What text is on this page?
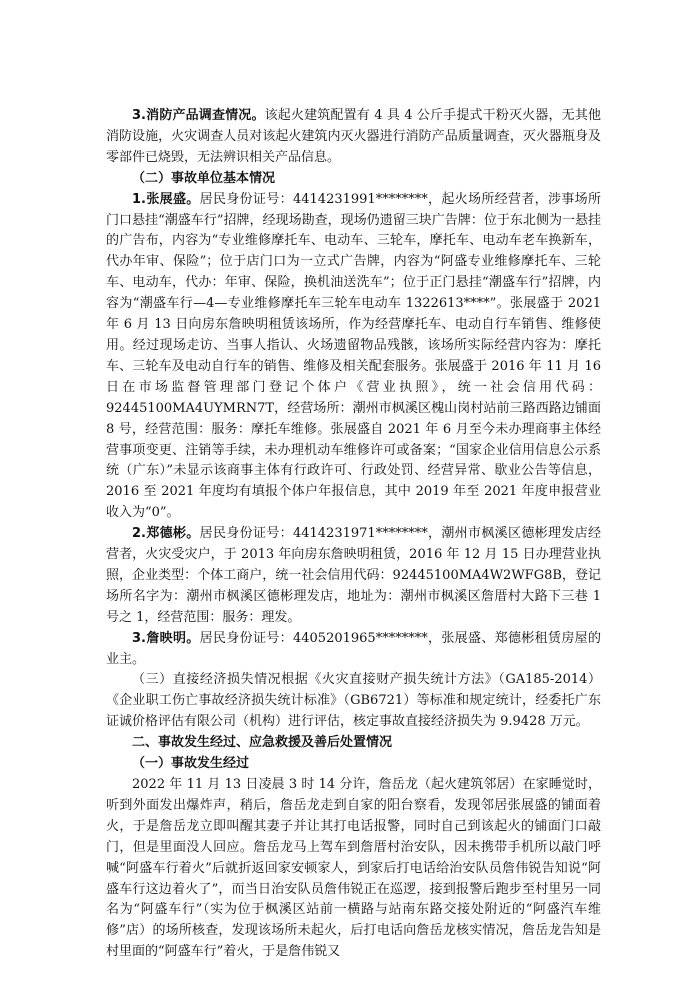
3.消防产品调查情况。该起火建筑配置有 4 具 4 公斤手提式干粉灭火器，无其他消防设施，火灾调查人员对该起火建筑内灭火器进行消防产品质量调查，灭火器瓶身及零部件已烧毁，无法辨识相关产品信息。

（二）事故单位基本情况

1.张展盛。居民身份证号：4414231991********，起火场所经营者，涉事场所门口悬挂“潮盛车行”招牌，经现场勘查，现场仍遗留三块广告牌：位于东北侧为一悬挂的广告布，内容为“专业维修摩托车、电动车、三轮车，摩托车、电动车老车换新车，代办年审、保险”；位于店门口为一立式广告牌，内容为“阿盛专业维修摩托车、三轮车、电动车，代办：年审、保险，换机油送洗车”；位于正门悬挂“潮盛车行”招牌，内容为“潮盛车行—4—专业维修摩托车三轮车电动车 1322613****”。张展盛于 2021 年 6 月 13 日向房东詹映明租赁该场所，作为经营摩托车、电动自行车销售、维修使用。经过现场走访、当事人指认、火场遗留物品残骸，该场所实际经营内容为：摩托车、三轮车及电动自行车的销售、维修及相关配套服务。张展盛于 2016 年 11 月 16 日在市场监督管理部门登记个体户《营业执照》，统一社会信用代码：92445100MA4UYMRN7T，经营场所：潮州市枫溪区槐山岗村站前三路西路边铺面 8 号，经营范围：服务：摩托车维修。张展盛自 2021 年 6 月至今未办理商事主体经营事项变更、注销等手续，未办理机动车维修许可或备案；“国家企业信用信息公示系统（广东）”未显示该商事主体有行政许可、行政处罚、经营异常、歇业公告等信息，2016 至 2021 年度均有填报个体户年报信息，其中 2019 年至 2021 年度申报营业收入为“0”。

2.郑德彬。居民身份证号：4414231971********，潮州市枫溪区德彬理发店经营者，火灾受灾户，于 2013 年向房东詹映明租赁，2016 年 12 月 15 日办理营业执照，企业类型：个体工商户，统一社会信用代码：92445100MA4W2WFG8B，登记场所名字为：潮州市枫溪区德彬理发店，地址为：潮州市枫溪区詹厝村大路下三巷 1 号之 1，经营范围：服务：理发。

3.詹映明。居民身份证号：4405201965********，张展盛、郑德彬租赁房屋的业主。

（三）直接经济损失情况根据《火灾直接财产损失统计方法》（GA185-2014）《企业职工伤亡事故经济损失统计标准》（GB6721）等标准和规定统计，经委托广东证诚价格评估有限公司（机构）进行评估，核定事故直接经济损失为 9.9428 万元。

二、事故发生经过、应急救援及善后处置情况
（一）事故发生经过

2022 年 11 月 13 日凌晨 3 时 14 分许，詹岳龙（起火建筑邻居）在家睡觉时，听到外面发出爆炸声，稍后，詹岳龙走到自家的阳台察看，发现邻居张展盛的铺面着火，于是詹岳龙立即叫醒其妻子并让其打电话报警，同时自己到该起火的铺面门口敲门，但是里面没人回应。詹岳龙马上驾车到詹厝村治安队，因未携带手机所以敲门呼喊“阿盛车行着火”后就折返回家安顿家人，到家后打电话给治安队员詹伟锐告知说“阿盛车行这边着火了”，而当日治安队员詹伟锐正在巡逻，接到报警后跑步至村里另一同名为“阿盛车行”（实为位于枫溪区站前一横路与站南东路交接处附近的“阿盛汽车维修”店）的场所核查，发现该场所未起火，后打电话向詹岳龙核实情况，詹岳龙告知是村里面的“阿盛车行”着火，于是詹伟锐又
